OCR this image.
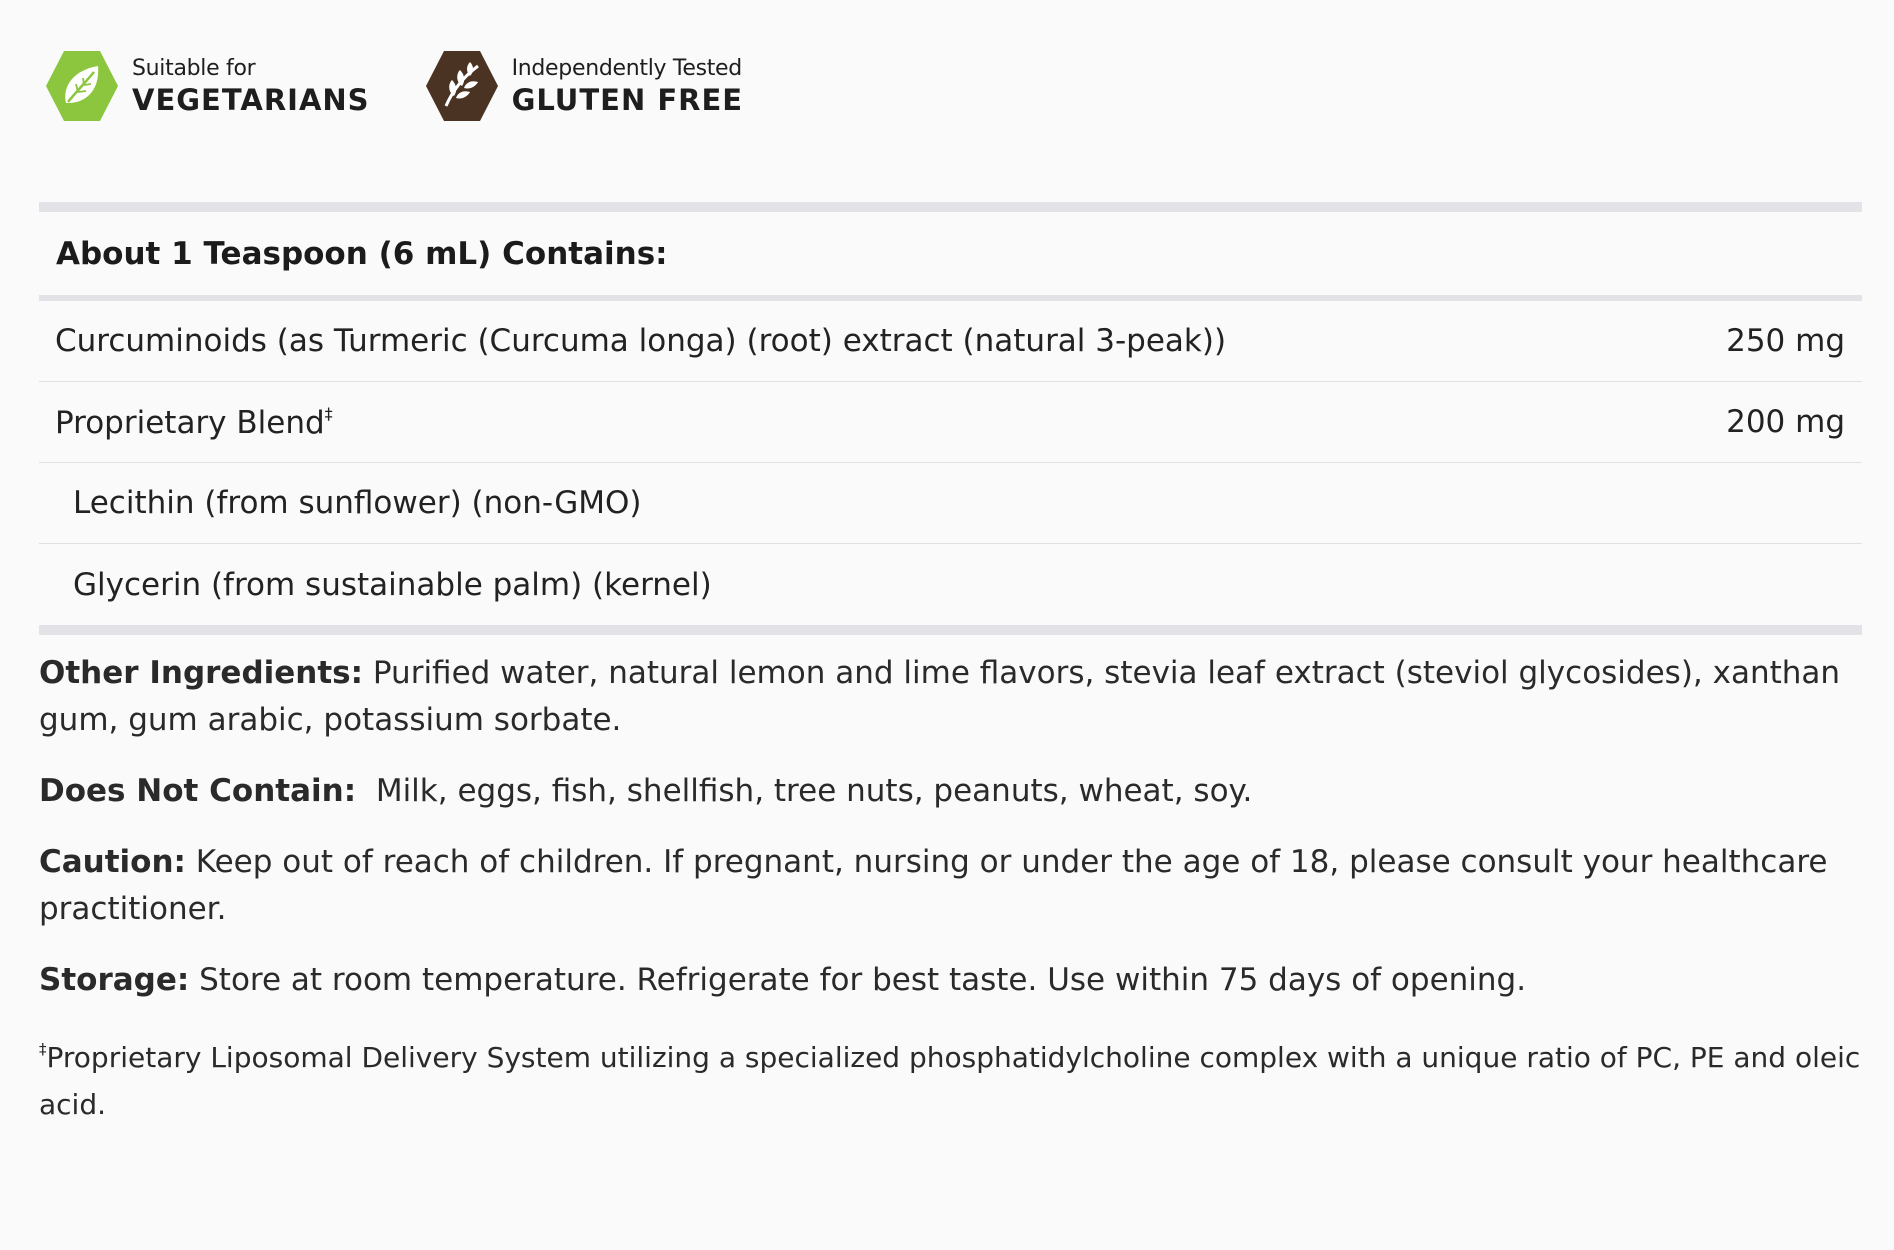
Suitable for
VEGETARIANS
Independently Tested
GLUTEN FREE
About 1 Teaspoon (6 mL) Contains:
Curcuminoids (as Turmeric (Curcuma longa) (root) extract (natural 3-peak))	250 mg
Proprietary Blend‡	200 mg
Lecithin (from sunflower) (non-GMO)
Glycerin (from sustainable palm) (kernel)

Other Ingredients: Purified water, natural lemon and lime flavors, stevia leaf extract (steviol glycosides), xanthan gum, gum arabic, potassium sorbate.

Does Not Contain:  Milk, eggs, fish, shellfish, tree nuts, peanuts, wheat, soy.

Caution: Keep out of reach of children. If pregnant, nursing or under the age of 18, please consult your healthcare practitioner.

Storage: Store at room temperature. Refrigerate for best taste. Use within 75 days of opening.

‡Proprietary Liposomal Delivery System utilizing a specialized phosphatidylcholine complex with a unique ratio of PC, PE and oleic acid.
